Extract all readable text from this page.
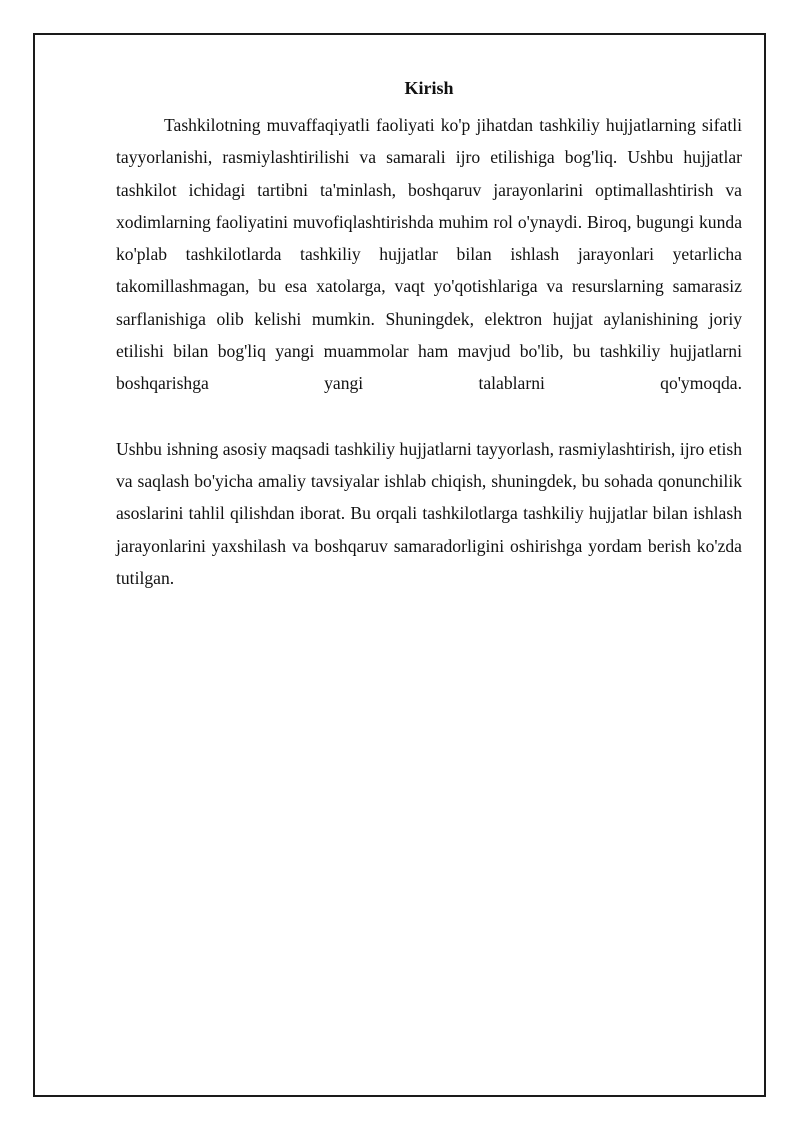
Kirish

Tashkilotning muvaffaqiyatli faoliyati ko'p jihatdan tashkiliy hujjatlarning sifatli tayyorlanishi, rasmiylashtirilishi va samarali ijro etilishiga bog'liq. Ushbu hujjatlar tashkilot ichidagi tartibni ta'minlash, boshqaruv jarayonlarini optimallashtirish va xodimlarning faoliyatini muvofiqlashtirishda muhim rol o'ynaydi. Biroq, bugungi kunda ko'plab tashkilotlarda tashkiliy hujjatlar bilan ishlash jarayonlari yetarlicha takomillashmagan, bu esa xatolarga, vaqt yo'qotishlariga va resurslarning samarasiz sarflanishiga olib kelishi mumkin. Shuningdek, elektron hujjat aylanishining joriy etilishi bilan bog'liq yangi muammolar ham mavjud bo'lib, bu tashkiliy hujjatlarni boshqarishga yangi talablarni qo'ymoqda.

Ushbu ishning asosiy maqsadi tashkiliy hujjatlarni tayyorlash, rasmiylashtirish, ijro etish va saqlash bo'yicha amaliy tavsiyalar ishlab chiqish, shuningdek, bu sohada qonunchilik asoslarini tahlil qilishdan iborat. Bu orqali tashkilotlarga tashkiliy hujjatlar bilan ishlash jarayonlarini yaxshilash va boshqaruv samaradorligini oshirishga yordam berish ko'zda tutilgan.
